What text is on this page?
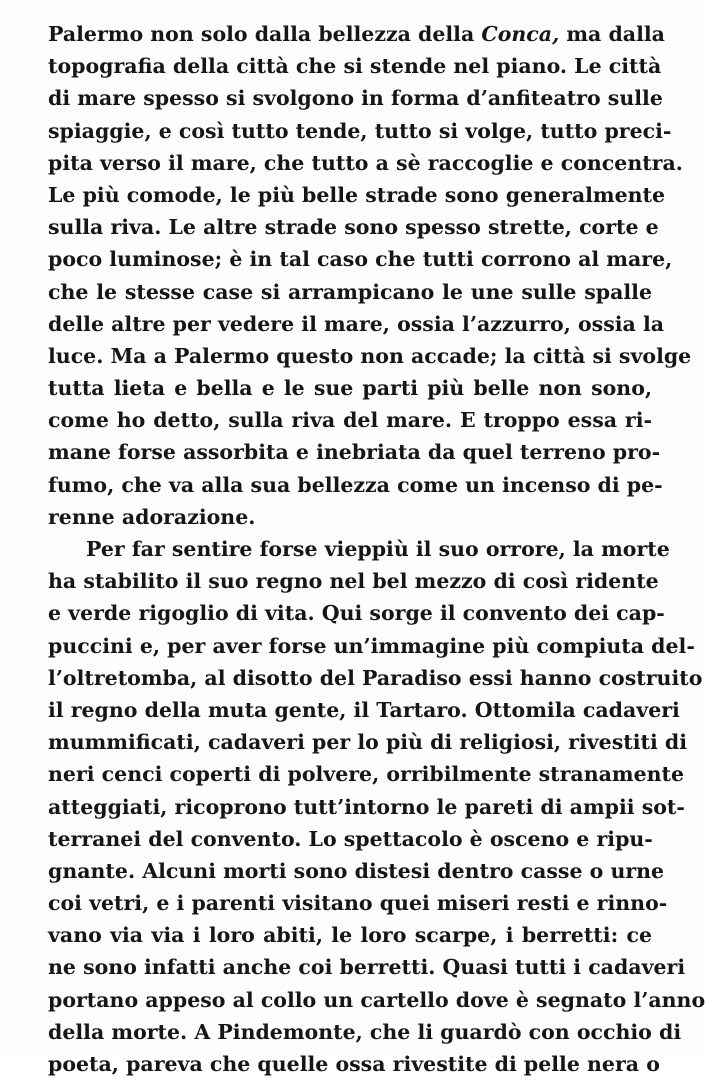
Palermo non solo dalla bellezza della Conca, ma dalla
topografia della città che si stende nel piano. Le città
di mare spesso si svolgono in forma d’anfiteatro sulle
spiaggie, e così tutto tende, tutto si volge, tutto preci-
pita verso il mare, che tutto a sè raccoglie e concentra.
Le più comode, le più belle strade sono generalmente
sulla riva. Le altre strade sono spesso strette, corte e
poco luminose; è in tal caso che tutti corrono al mare,
che le stesse case si arrampicano le une sulle spalle
delle altre per vedere il mare, ossia l’azzurro, ossia la
luce. Ma a Palermo questo non accade; la città si svolge
tutta lieta e bella e le sue parti più belle non sono,
come ho detto, sulla riva del mare. E troppo essa ri-
mane forse assorbita e inebriata da quel terreno pro-
fumo, che va alla sua bellezza come un incenso di pe-
renne adorazione.
Per far sentire forse vieppiù il suo orrore, la morte
ha stabilito il suo regno nel bel mezzo di così ridente
e verde rigoglio di vita. Qui sorge il convento dei cap-
puccini e, per aver forse un’immagine più compiuta del-
l’oltretomba, al disotto del Paradiso essi hanno costruito
il regno della muta gente, il Tartaro. Ottomila cadaveri
mummificati, cadaveri per lo più di religiosi, rivestiti di
neri cenci coperti di polvere, orribilmente stranamente
atteggiati, ricoprono tutt’intorno le pareti di ampii sot-
terranei del convento. Lo spettacolo è osceno e ripu-
gnante. Alcuni morti sono distesi dentro casse o urne
coi vetri, e i parenti visitano quei miseri resti e rinno-
vano via via i loro abiti, le loro scarpe, i berretti: ce
ne sono infatti anche coi berretti. Quasi tutti i cadaveri
portano appeso al collo un cartello dove è segnato l’anno
della morte. A Pindemonte, che li guardò con occhio di
poeta, pareva che quelle ossa rivestite di pelle nera o
